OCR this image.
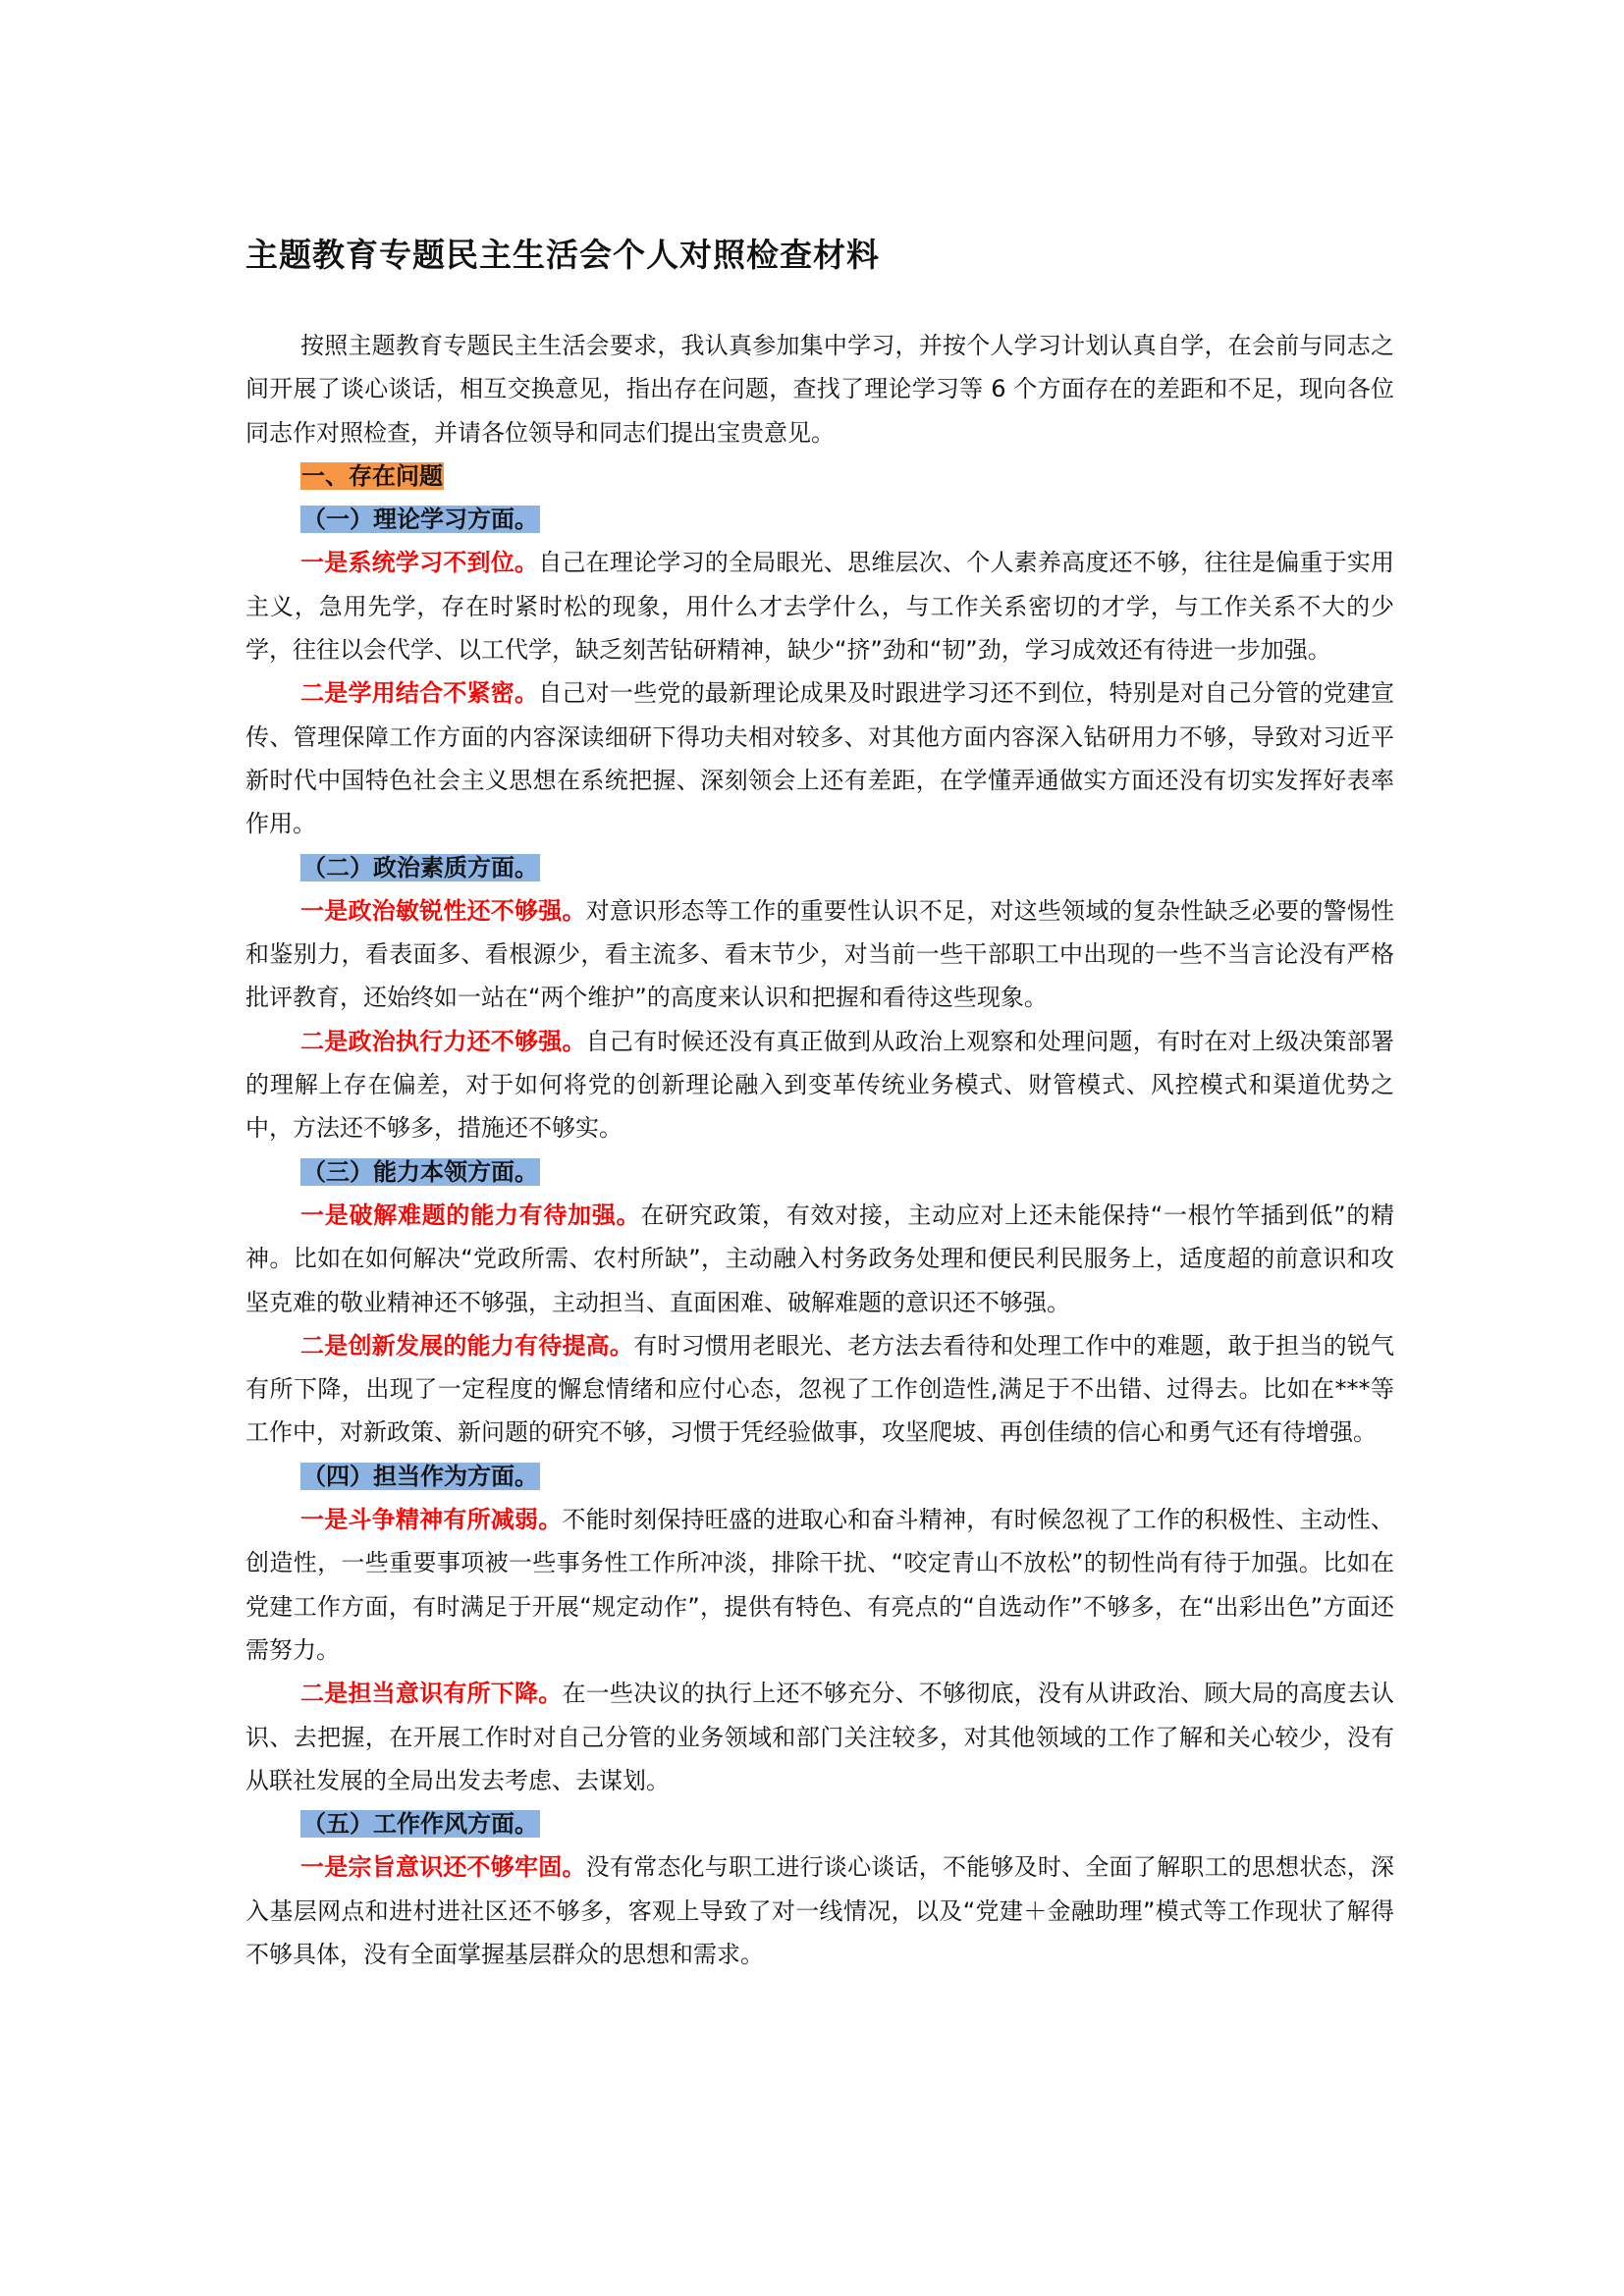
主题教育专题民主生活会个人对照检查材料

按照主题教育专题民主生活会要求，我认真参加集中学习，并按个人学习计划认真自学，在会前与同志之间开展了谈心谈话，相互交换意见，指出存在问题，查找了理论学习等 6 个方面存在的差距和不足，现向各位同志作对照检查，并请各位领导和同志们提出宝贵意见。

一、存在问题

（一）理论学习方面。

一是系统学习不到位。自己在理论学习的全局眼光、思维层次、个人素养高度还不够，往往是偏重于实用主义，急用先学，存在时紧时松的现象，用什么才去学什么，与工作关系密切的才学，与工作关系不大的少学，往往以会代学、以工代学，缺乏刻苦钻研精神，缺少“挤”劲和“韧”劲，学习成效还有待进一步加强。

二是学用结合不紧密。自己对一些党的最新理论成果及时跟进学习还不到位，特别是对自己分管的党建宣传、管理保障工作方面的内容深读细研下得功夫相对较多、对其他方面内容深入钻研用力不够，导致对习近平新时代中国特色社会主义思想在系统把握、深刻领会上还有差距，在学懂弄通做实方面还没有切实发挥好表率作用。

（二）政治素质方面。

一是政治敏锐性还不够强。对意识形态等工作的重要性认识不足，对这些领域的复杂性缺乏必要的警惕性和鉴别力，看表面多、看根源少，看主流多、看末节少，对当前一些干部职工中出现的一些不当言论没有严格批评教育，还始终如一站在“两个维护”的高度来认识和把握和看待这些现象。

二是政治执行力还不够强。自己有时候还没有真正做到从政治上观察和处理问题，有时在对上级决策部署的理解上存在偏差，对于如何将党的创新理论融入到变革传统业务模式、财管模式、风控模式和渠道优势之中，方法还不够多，措施还不够实。

（三）能力本领方面。

一是破解难题的能力有待加强。在研究政策，有效对接，主动应对上还未能保持“一根竹竿插到低”的精神。比如在如何解决“党政所需、农村所缺”，主动融入村务政务处理和便民利民服务上，适度超的前意识和攻坚克难的敬业精神还不够强，主动担当、直面困难、破解难题的意识还不够强。

二是创新发展的能力有待提高。有时习惯用老眼光、老方法去看待和处理工作中的难题，敢于担当的锐气有所下降，出现了一定程度的懈怠情绪和应付心态，忽视了工作创造性,满足于不出错、过得去。比如在***等工作中，对新政策、新问题的研究不够，习惯于凭经验做事，攻坚爬坡、再创佳绩的信心和勇气还有待增强。

（四）担当作为方面。

一是斗争精神有所减弱。不能时刻保持旺盛的进取心和奋斗精神，有时候忽视了工作的积极性、主动性、创造性，一些重要事项被一些事务性工作所冲淡，排除干扰、“咬定青山不放松”的韧性尚有待于加强。比如在党建工作方面，有时满足于开展“规定动作”，提供有特色、有亮点的“自选动作”不够多，在“出彩出色”方面还需努力。

二是担当意识有所下降。在一些决议的执行上还不够充分、不够彻底，没有从讲政治、顾大局的高度去认识、去把握，在开展工作时对自己分管的业务领域和部门关注较多，对其他领域的工作了解和关心较少，没有从联社发展的全局出发去考虑、去谋划。

（五）工作作风方面。

一是宗旨意识还不够牢固。没有常态化与职工进行谈心谈话，不能够及时、全面了解职工的思想状态，深入基层网点和进村进社区还不够多，客观上导致了对一线情况，以及“党建＋金融助理”模式等工作现状了解得不够具体，没有全面掌握基层群众的思想和需求。
